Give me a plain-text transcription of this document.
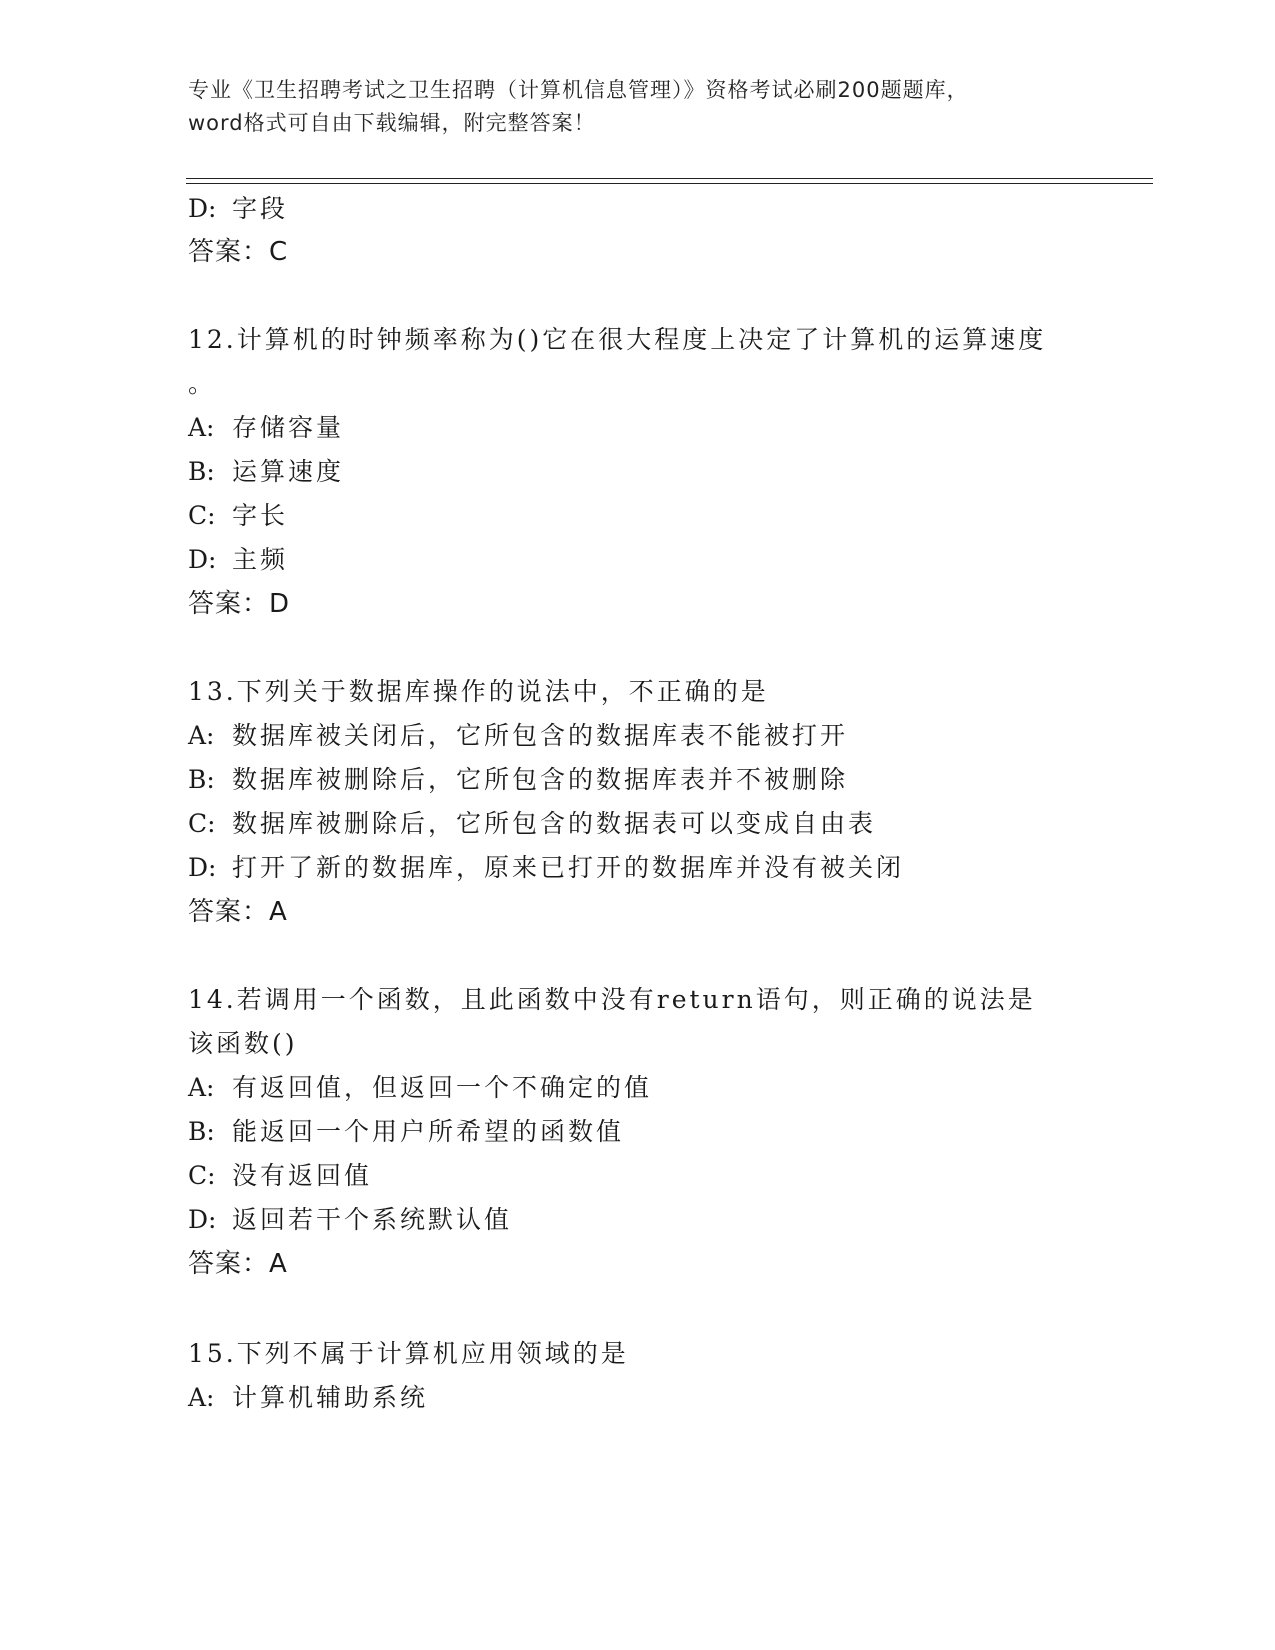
专业《卫生招聘考试之卫生招聘（计算机信息管理）》资格考试必刷200题题库，
word格式可自由下载编辑，附完整答案！
D: 字段
答案：C
12.计算机的时钟频率称为()它在很大程度上决定了计算机的运算速度
。
A: 存储容量
B: 运算速度
C: 字长
D: 主频
答案：D
13.下列关于数据库操作的说法中，不正确的是
A: 数据库被关闭后，它所包含的数据库表不能被打开
B: 数据库被删除后，它所包含的数据库表并不被删除
C: 数据库被删除后，它所包含的数据表可以变成自由表
D: 打开了新的数据库，原来已打开的数据库并没有被关闭
答案：A
14.若调用一个函数，且此函数中没有return语句，则正确的说法是
该函数()
A: 有返回值，但返回一个不确定的值
B: 能返回一个用户所希望的函数值
C: 没有返回值
D: 返回若干个系统默认值
答案：A
15.下列不属于计算机应用领域的是
A: 计算机辅助系统
